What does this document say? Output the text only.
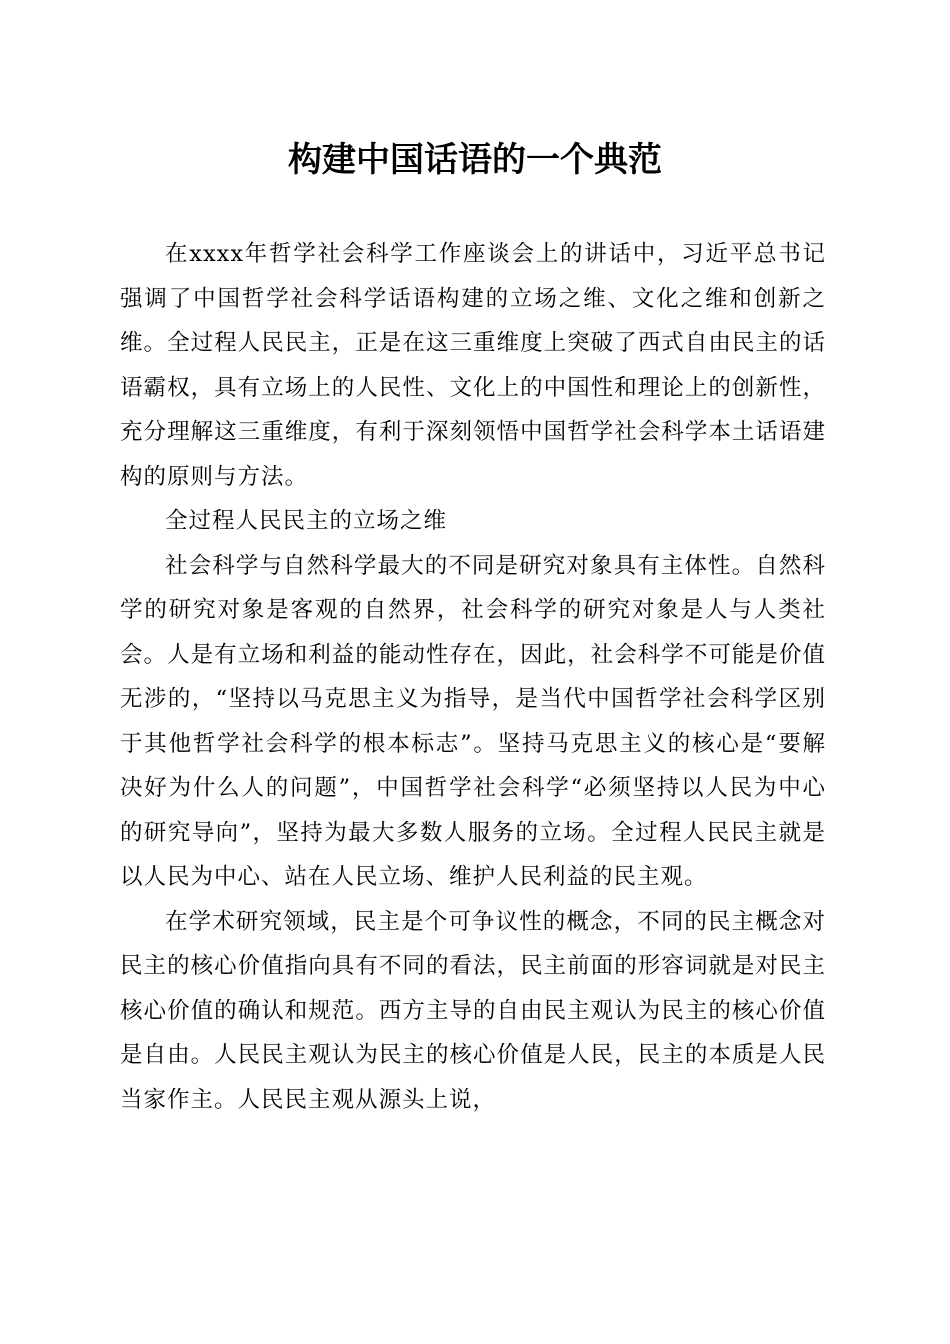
构建中国话语的一个典范

在xxxx年哲学社会科学工作座谈会上的讲话中，习近平总书记强调了中国哲学社会科学话语构建的立场之维、文化之维和创新之维。全过程人民民主，正是在这三重维度上突破了西式自由民主的话语霸权，具有立场上的人民性、文化上的中国性和理论上的创新性，充分理解这三重维度，有利于深刻领悟中国哲学社会科学本土话语建构的原则与方法。

全过程人民民主的立场之维

社会科学与自然科学最大的不同是研究对象具有主体性。自然科学的研究对象是客观的自然界，社会科学的研究对象是人与人类社会。人是有立场和利益的能动性存在，因此，社会科学不可能是价值无涉的，“坚持以马克思主义为指导，是当代中国哲学社会科学区别于其他哲学社会科学的根本标志”。坚持马克思主义的核心是“要解决好为什么人的问题”，中国哲学社会科学“必须坚持以人民为中心的研究导向”，坚持为最大多数人服务的立场。全过程人民民主就是以人民为中心、站在人民立场、维护人民利益的民主观。

在学术研究领域，民主是个可争议性的概念，不同的民主概念对民主的核心价值指向具有不同的看法，民主前面的形容词就是对民主核心价值的确认和规范。西方主导的自由民主观认为民主的核心价值是自由。人民民主观认为民主的核心价值是人民，民主的本质是人民当家作主。人民民主观从源头上说，
